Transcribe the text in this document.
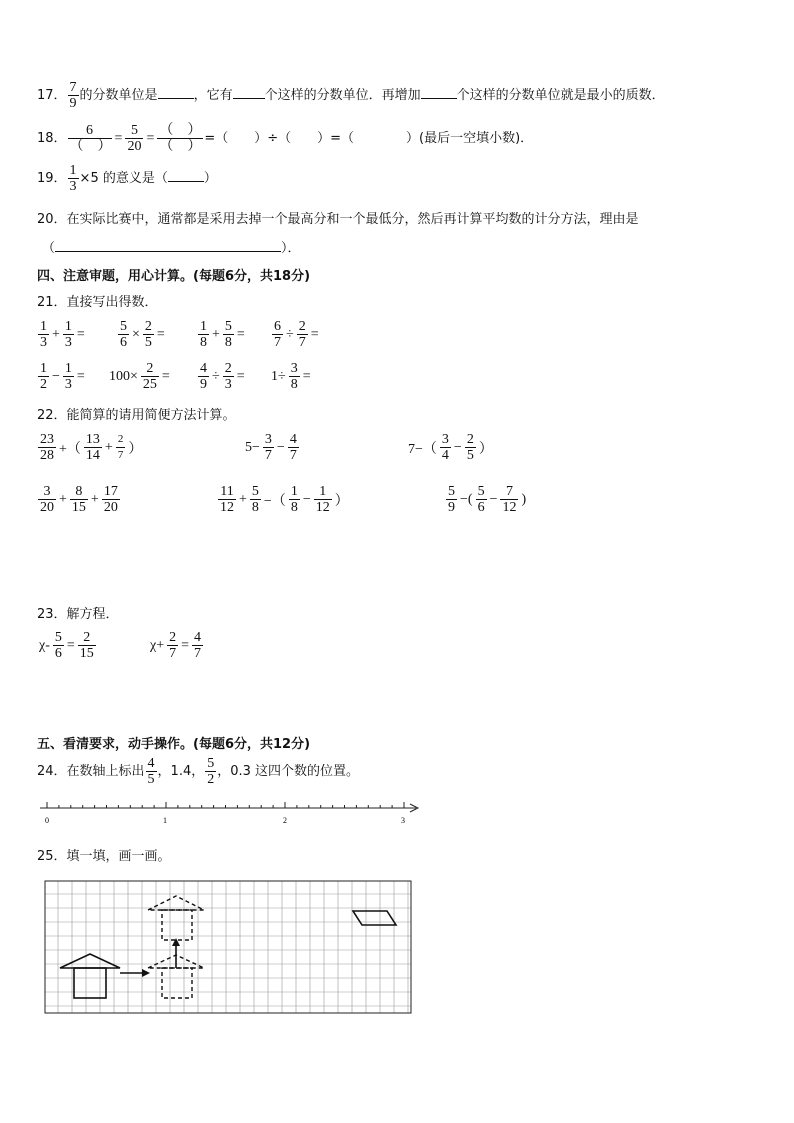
17． $\frac{7}{9}$ 的分数单位是	，它有 个这样的分数单位．再增加	个这样的分数单位就是最小的质数．
18． $\frac{6}{( )} = \frac{5}{20} = \frac{( )}{( )}$ =（　　）÷（　　）=（　　　　）(最后一空填小数)．
19． $\frac{1}{3} \times 5$ 的意义是（	）
20．在实际比赛中，通常都是采用去掉一个最高分和一个最低分，然后再计算平均数的计分方法，理由是
（	）．
四、注意审题，用心计算。(每题6分，共18分)
21．直接写出得数．
$\frac{1}{3} + \frac{1}{3} = \frac{5}{6} \times \frac{2}{5} = \frac{1}{8} + \frac{5}{8} = \frac{6}{7} \div \frac{2}{7}$ =
$\frac{1}{2} - \frac{1}{3} = 100\times \frac{2}{25} = \frac{4}{9} \div \frac{2}{3} = 1\div \frac{3}{8}$ =
22．能简算的请用简便方法计算。
$\frac{23}{28}$ +（ $\frac{13}{14} + \frac{2}{7}$ ）	$5- \frac{3}{7} - \frac{4}{7}$	$7-( \frac{3}{4} - \frac{2}{5}$ ）
$\frac{3}{20} + \frac{8}{15} + \frac{17}{20}$	$\frac{11}{12} + \frac{5}{8}$ −（ $\frac{1}{8} - \frac{1}{12}$ ）	$\frac{5}{9}$ −( $\frac{5}{6} - \frac{7}{12}$ )
23．解方程．
$\chi- \frac{5}{6} = \frac{2}{15}$	$\chi+ \frac{2}{7} = \frac{4}{7}$
五、看清要求，动手操作。(每题6分，共12分)
24．在数轴上标出 $\frac{4}{5}$ ，1.4， $\frac{5}{2}$ ，0.3 这四个数的位置。
0	1	2	3
25．填一填，画一画。
